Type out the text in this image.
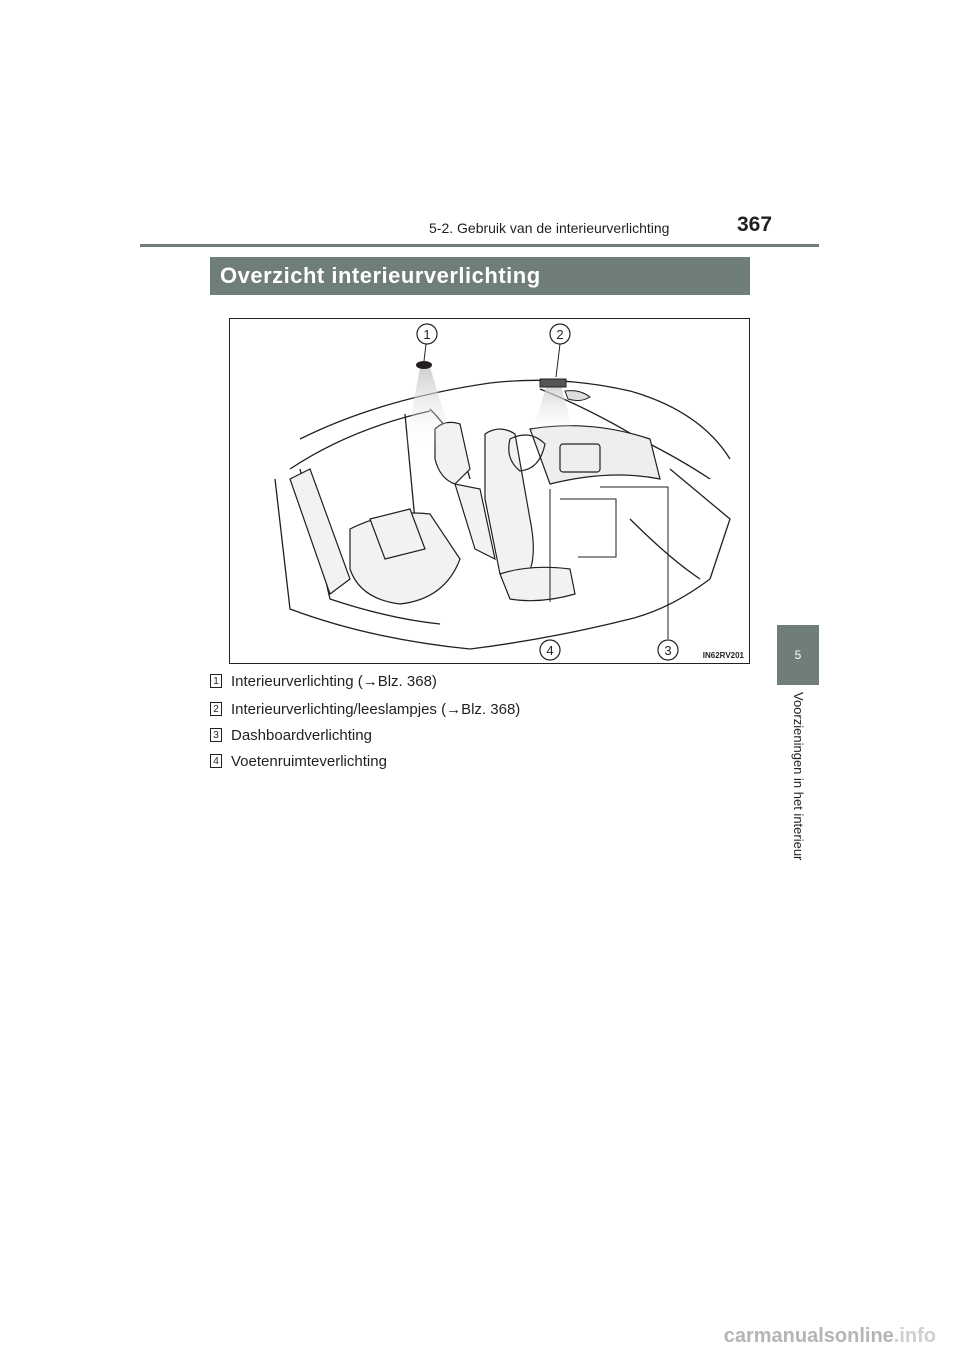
5-2. Gebruik van de interieurverlichting	367
Overzicht interieurverlichting
1	2
3
4	IN62RV201
1 Interieurverlichting (→Blz. 368)
2 Interieurverlichting/leeslampjes (→Blz. 368)
3 Dashboardverlichting
4 Voetenruimteverlichting
5
Voorzieningen in het interieur
carmanualsonline.info
